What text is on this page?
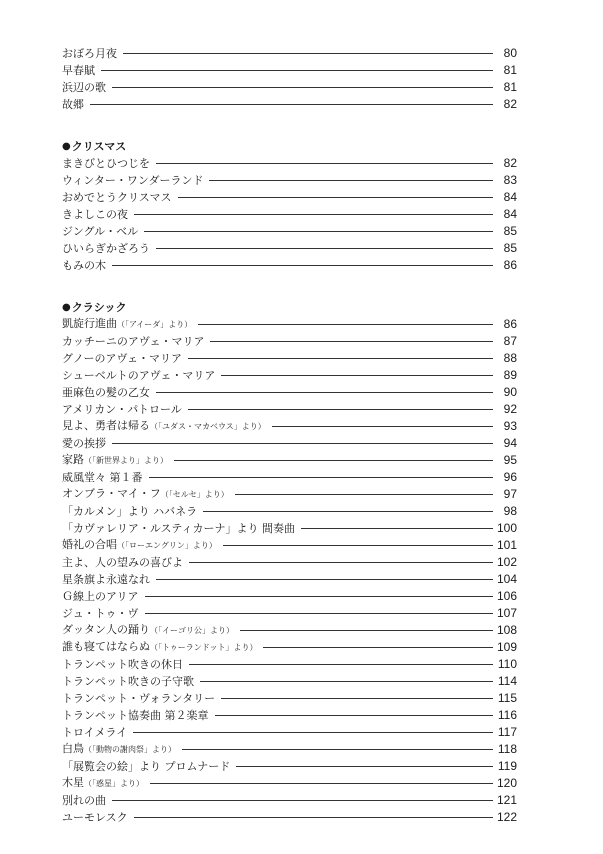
おぼろ月夜	80
早春賦	81
浜辺の歌	81
故郷	82
● クリスマス
まきびとひつじを	82
ウィンター・ワンダーランド	83
おめでとうクリスマス	84
きよしこの夜	84
ジングル・ベル	85
ひいらぎかざろう	85
もみの木	86
● クラシック
凱旋行進曲（「アイーダ」より）	86
カッチーニのアヴェ・マリア	87
グノーのアヴェ・マリア	88
シューベルトのアヴェ・マリア	89
亜麻色の髪の乙女	90
アメリカン・パトロール	92
見よ、勇者は帰る（「ユダス・マカベウス」より）	93
愛の挨拶	94
家路（「新世界より」より）	95
威風堂々 第１番	96
オンブラ・マイ・フ（「セルセ」より）	97
「カルメン」より ハバネラ	98
「カヴァレリア・ルスティカーナ」より 間奏曲	100
婚礼の合唱（「ローエングリン」より）	101
主よ、人の望みの喜びよ	102
星条旗よ永遠なれ	104
Ｇ線上のアリア	106
ジュ・トゥ・ヴ	107
ダッタン人の踊り（「イーゴリ公」より）	108
誰も寝てはならぬ（「トゥーランドット」より）	109
トランペット吹きの休日	110
トランペット吹きの子守歌	114
トランペット・ヴォランタリー	115
トランペット協奏曲 第２楽章	116
トロイメライ	117
白鳥（「動物の謝肉祭」より）	118
「展覧会の絵」より プロムナード	119
木星（「惑星」より）	120
別れの曲	121
ユーモレスク	122
